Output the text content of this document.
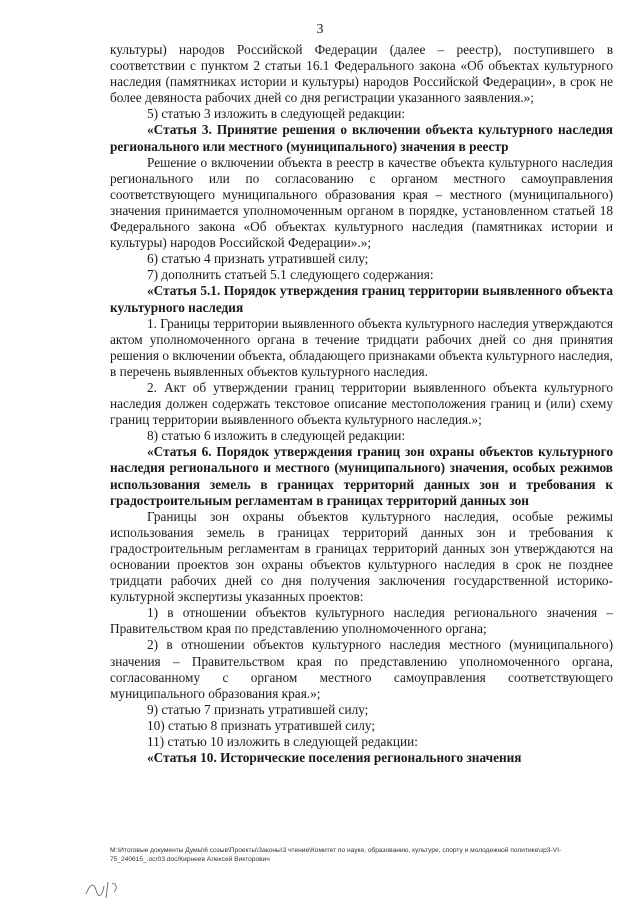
3

культуры) народов Российской Федерации (далее – реестр), поступившего в соответствии с пунктом 2 статьи 16.1 Федерального закона «Об объектах культурного наследия (памятниках истории и культуры) народов Российской Федерации», в срок не более девяноста рабочих дней со дня регистрации указанного заявления.»;

5) статью 3 изложить в следующей редакции:

«Статья 3. Принятие решения о включении объекта культурного наследия регионального или местного (муниципального) значения в реестр

Решение о включении объекта в реестр в качестве объекта культурного наследия регионального или по согласованию с органом местного самоуправления соответствующего муниципального образования края – местного (муниципального) значения принимается уполномоченным органом в порядке, установленном статьей 18 Федерального закона «Об объектах культурного наследия (памятниках истории и культуры) народов Российской Федерации».»;

6) статью 4 признать утратившей силу;

7) дополнить статьей 5.1 следующего содержания:

«Статья 5.1. Порядок утверждения границ территории выявленного объекта культурного наследия

1. Границы территории выявленного объекта культурного наследия утверждаются актом уполномоченного органа в течение тридцати рабочих дней со дня принятия решения о включении объекта, обладающего признаками объекта культурного наследия, в перечень выявленных объектов культурного наследия.

2. Акт об утверждении границ территории выявленного объекта культурного наследия должен содержать текстовое описание местоположения границ и (или) схему границ территории выявленного объекта культурного наследия.»;

8) статью 6 изложить в следующей редакции:

«Статья 6. Порядок утверждения границ зон охраны объектов культурного наследия регионального и местного (муниципального) значения, особых режимов использования земель в границах территорий данных зон и требования к градостроительным регламентам в границах территорий данных зон

Границы зон охраны объектов культурного наследия, особые режимы использования земель в границах территорий данных зон и требования к градостроительным регламентам в границах территорий данных зон утверждаются на основании проектов зон охраны объектов культурного наследия в срок не позднее тридцати рабочих дней со дня получения заключения государственной историко-культурной экспертизы указанных проектов:

1) в отношении объектов культурного наследия регионального значения – Правительством края по представлению уполномоченного органа;

2) в отношении объектов культурного наследия местного (муниципального) значения – Правительством края по представлению уполномоченного органа, согласованному с органом местного самоуправления соответствующего муниципального образования края.»;

9) статью 7 признать утратившей силу;

10) статью 8 признать утратившей силу;

11) статью 10 изложить в следующей редакции:

«Статья 10. Исторические поселения регионального значения

M:\Итоговые документы Думы\6 созыв\Проекты\Законы\3 чтение\Комитет по науке, образованию, культуре, спорту и молодежной политике\зр3-VI-
75_240615_.ocr03.doc/Кирнеев Алексей Викторович
